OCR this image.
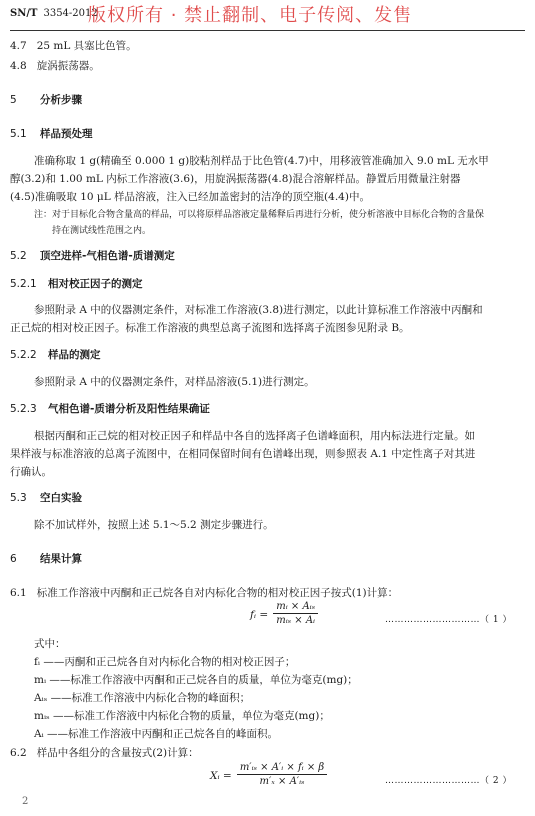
SN/T 3354-2012
版权所有 · 禁止翻制、电子传阅、发售
4.7 25 mL 具塞比色管。
4.8 旋涡振荡器。
5 分析步骤
5.1 样品预处理
准确称取 1 g(精确至 0.000 1 g)胶粘剂样品于比色管(4.7)中，用移液管准确加入 9.0 mL 无水甲
醇(3.2)和 1.00 mL 内标工作溶液(3.6)，用旋涡振荡器(4.8)混合溶解样品。静置后用微量注射器
(4.5)准确吸取 10 μL 样品溶液，注入已经加盖密封的洁净的顶空瓶(4.4)中。
注：对于目标化合物含量高的样品，可以将原样品溶液定量稀释后再进行分析，使分析溶液中目标化合物的含量保
持在测试线性范围之内。
5.2 顶空进样-气相色谱-质谱测定
5.2.1 相对校正因子的测定
参照附录 A 中的仪器测定条件，对标准工作溶液(3.8)进行测定，以此计算标准工作溶液中丙酮和
正己烷的相对校正因子。标准工作溶液的典型总离子流图和选择离子流图参见附录 B。
5.2.2 样品的测定
参照附录 A 中的仪器测定条件，对样品溶液(5.1)进行测定。
5.2.3 气相色谱-质谱分析及阳性结果确证
根据丙酮和正己烷的相对校正因子和样品中各自的选择离子色谱峰面积，用内标法进行定量。如
果样液与标准溶液的总离子流图中，在相同保留时间有色谱峰出现，则参照表 A.1 中定性离子对其进
行确认。
5.3 空白实验
除不加试样外，按照上述 5.1～5.2 测定步骤进行。
6 结果计算
6.1 标准工作溶液中丙酮和正己烷各自对内标化合物的相对校正因子按式(1)计算：
fᵢ = $\frac{\text{mᵢ × Aᵢₛ}}{\text{mᵢₛ × Aᵢ}}$	…………………………（ 1 ）
式中：
fᵢ ——丙酮和正己烷各自对内标化合物的相对校正因子；
mᵢ ——标准工作溶液中丙酮和正己烷各自的质量，单位为毫克(mg)；
Aᵢₛ ——标准工作溶液中内标化合物的峰面积；
mᵢₛ ——标准工作溶液中内标化合物的质量，单位为毫克(mg)；
Aᵢ ——标准工作溶液中丙酮和正己烷各自的峰面积。
6.2 样品中各组分的含量按式(2)计算：
Xᵢ = $\frac{\text{m′ᵢₛ × A′ᵢ × fᵢ × β}}{\text{m′ₓ × A′ᵢₛ}}$	…………………………（ 2 ）
2
